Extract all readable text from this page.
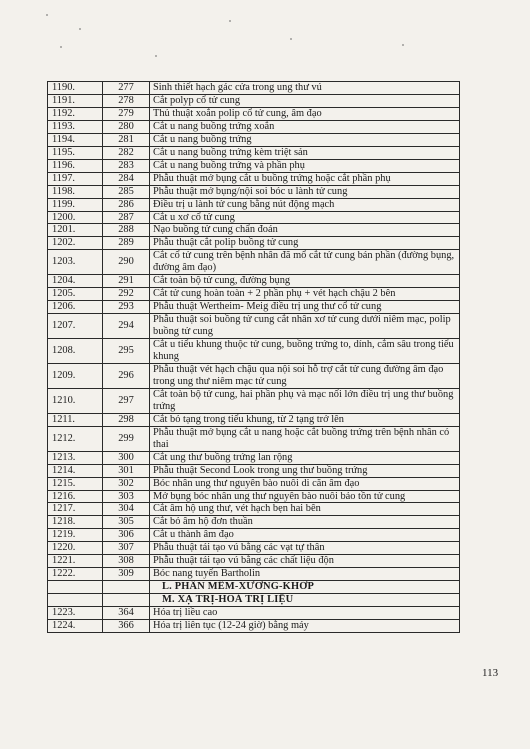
1190.	277	Sinh thiết hạch gác cửa trong ung thư vú
1191.	278	Cắt polyp cổ tử cung
1192.	279	Thủ thuật xoắn polip cổ tử cung, âm đạo
1193.	280	Cắt u nang buồng trứng xoắn
1194.	281	Cắt u nang buồng trứng
1195.	282	Cắt u nang buồng trứng kèm triệt sản
1196.	283	Cắt u nang buồng trứng và phần phụ
1197.	284	Phẫu thuật mở bụng cắt u buồng trứng hoặc cắt phần phụ
1198.	285	Phẫu thuật mở bụng/nội soi bóc u lành tử cung
1199.	286	Điều trị u lành tử cung bằng nút động mạch
1200.	287	Cắt u xơ cổ tử cung
1201.	288	Nạo buồng tử cung chẩn đoán
1202.	289	Phẫu thuật cắt polip buồng tử cung
1203.	290	Cắt cổ tử cung trên bệnh nhân đã mổ cắt tử cung bán phần (đường bụng, đường âm đạo)
1204.	291	Cắt toàn bộ tử cung, đường bụng
1205.	292	Cắt tử cung hoàn toàn + 2 phần phụ + vét hạch chậu 2 bên
1206.	293	Phẫu thuật Wertheim- Meig điều trị ung thư cổ tử cung
1207.	294	Phẫu thuật soi buồng tử cung cắt nhân xơ tử cung dưới niêm mạc, polip buồng tử cung
1208.	295	Cắt u tiểu khung thuộc tử cung, buồng trứng to, dính, cắm sâu trong tiểu khung
1209.	296	Phẫu thuật vét hạch chậu qua nội soi hỗ trợ cắt tử cung đường âm đạo trong ung thư niêm mạc tử cung
1210.	297	Cắt toàn bộ tử cung, hai phần phụ và mạc nối lớn điều trị ung thư buồng trứng
1211.	298	Cắt bỏ tạng trong tiểu khung, từ 2 tạng trở lên
1212.	299	Phẫu thuật mở bụng cắt u nang hoặc cắt buồng trứng trên bệnh nhân có thai
1213.	300	Cắt ung thư buồng trứng lan rộng
1214.	301	Phẫu thuật Second Look trong ung thư buồng trứng
1215.	302	Bóc nhân ung thư nguyên bào nuôi di căn âm đạo
1216.	303	Mở bụng bóc nhân ung thư nguyên bào nuôi bảo tồn tử cung
1217.	304	Cắt âm hộ ung thư, vét hạch bẹn hai bên
1218.	305	Cắt bỏ âm hộ đơn thuần
1219.	306	Cắt u thành âm đạo
1220.	307	Phẫu thuật tái tạo vú bằng các vạt tự thân
1221.	308	Phẫu thuật tái tạo vú bằng các chất liệu độn
1222.	309	Bóc nang tuyến Bartholin
		L. PHẦN MỀM-XƯƠNG-KHỚP
		M. XẠ TRỊ-HOÁ TRỊ LIỆU
1223.	364	Hóa trị liều cao
1224.	366	Hóa trị liên tục (12-24 giờ) bằng máy
113
